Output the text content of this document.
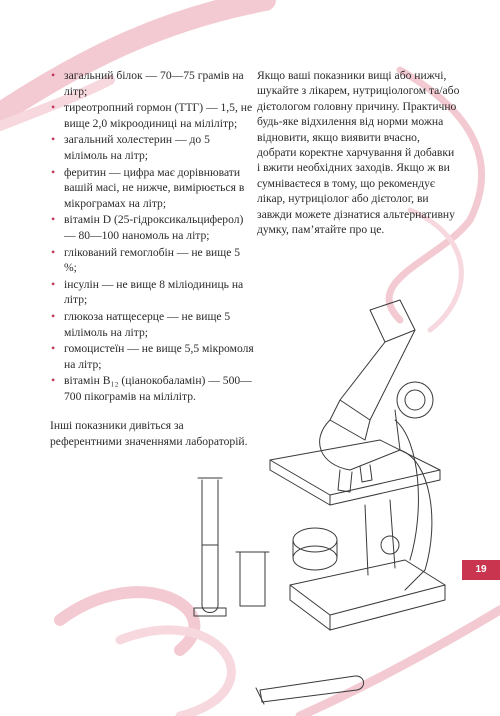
• загальний білок — 70—75 грамів на літр;
• тиреотропний гормон (ТТГ) — 1,5, не вище 2,0 мікроодиниці на мілілітр;
• загальний холестерин — до 5 мілімоль на літр;
• феритин — цифра має дорівнювати вашій масі, не нижче, вимірюється в мікрограмах на літр;
• вітамін D (25-гідроксикальциферол) — 80—100 наномоль на літр;
• глікований гемоглобін — не вище 5 %;
• інсулін — не вище 8 міліодиниць на літр;
• глюкоза натщесерце — не вище 5 мілімоль на літр;
• гомоцистеїн — не вище 5,5 мікромоля на літр;
• вітамін B₁₂ (ціанокобаламін) — 500—700 пікограмів на мілілітр.

Інші показники дивіться за референтними значеннями лабораторій.

Якщо ваші показники вищі або нижчі, шукайте з лікарем, нутриціологом та/або дієтологом головну причину. Практично будь-яке відхилення від норми можна відновити, якщо виявити вчасно, добрати коректне харчування й добавки і вжити необхідних заходів. Якщо ж ви сумніваєтеся в тому, що рекомендує лікар, нутриціолог або дієтолог, ви завжди можете дізнатися альтернативну думку, пам’ятайте про це.

19
